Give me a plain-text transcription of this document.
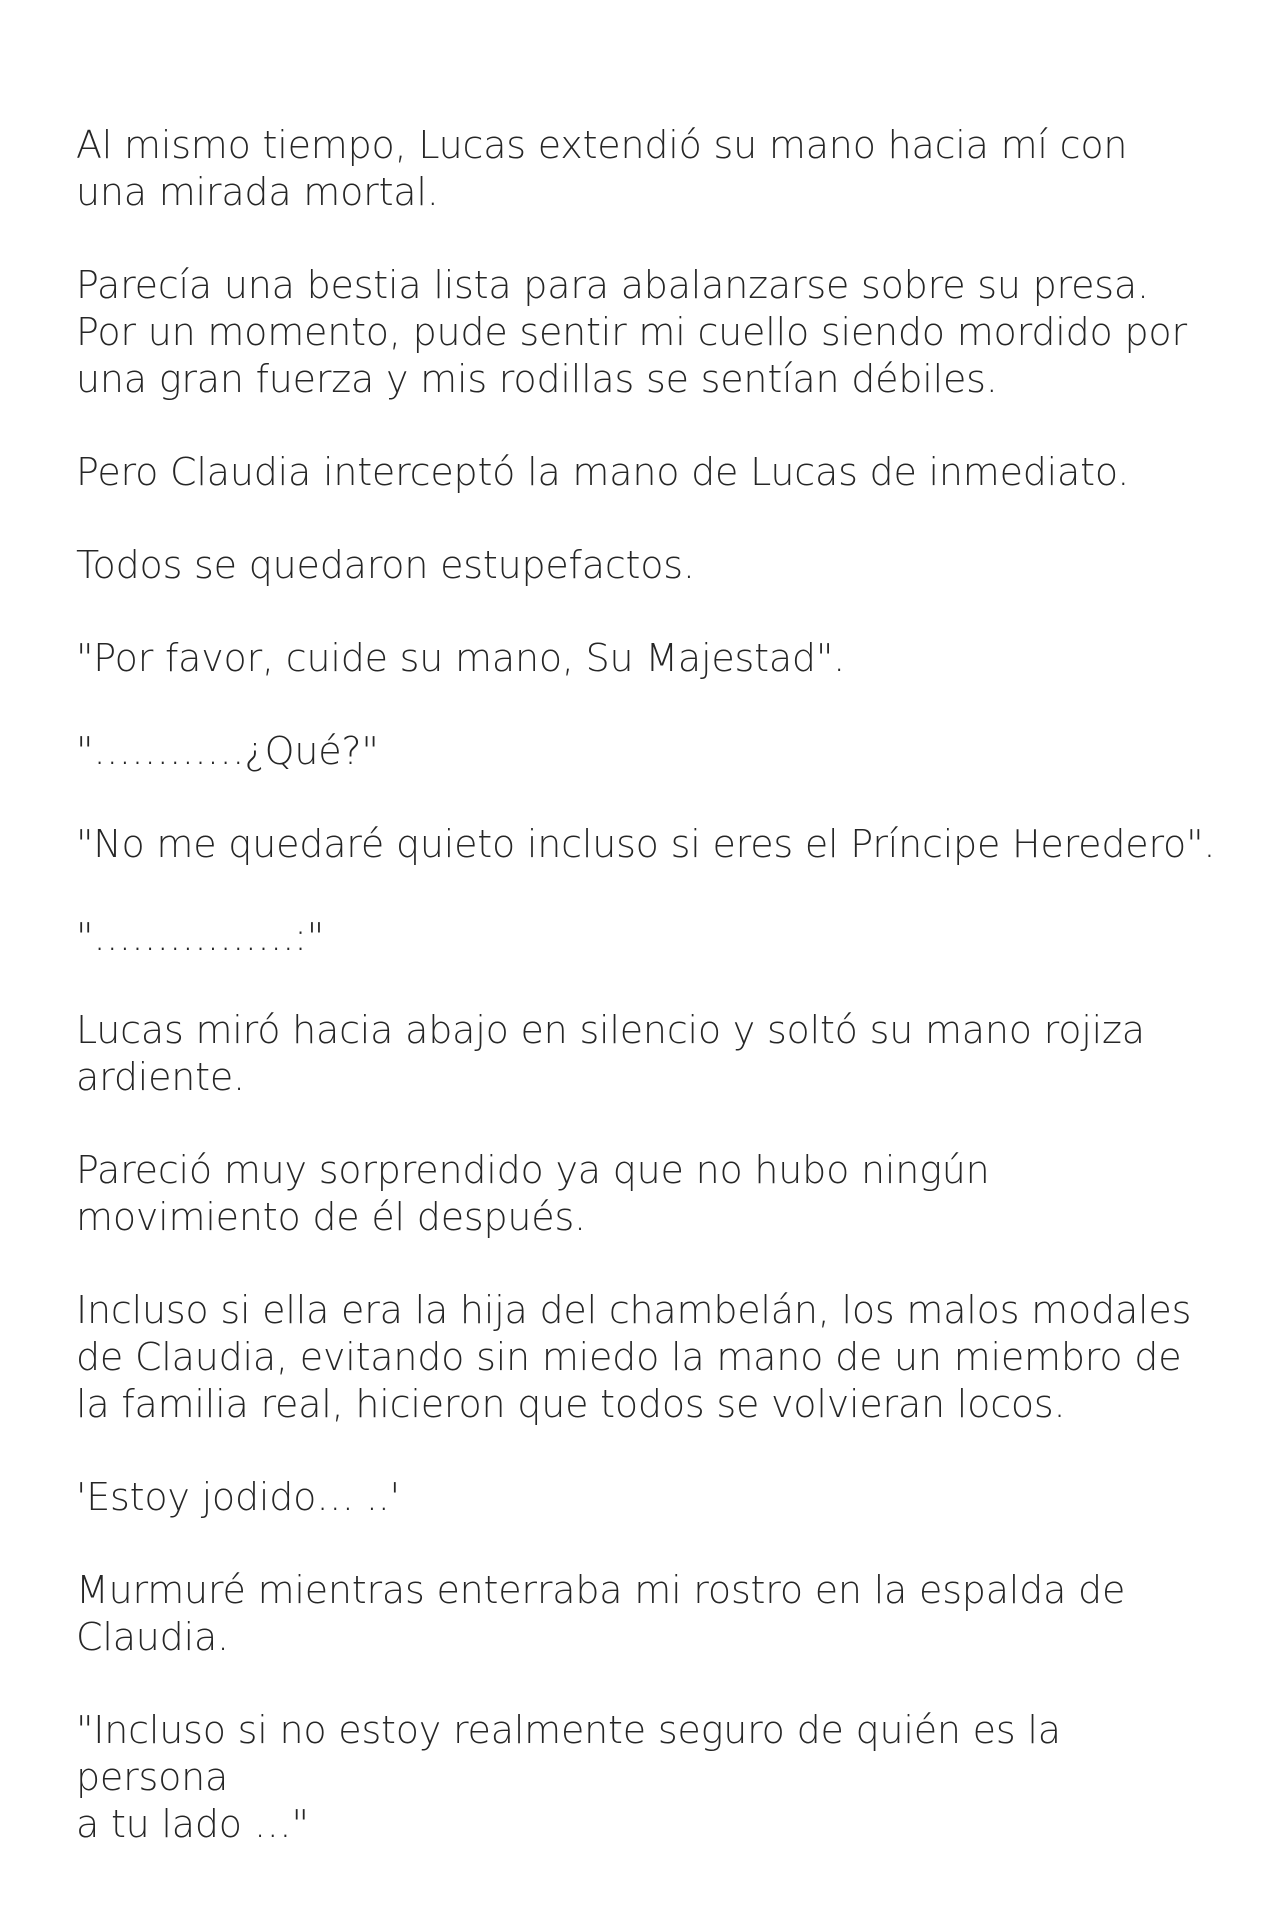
Al mismo tiempo, Lucas extendió su mano hacia mí con
una mirada mortal.

Parecía una bestia lista para abalanzarse sobre su presa.
Por un momento, pude sentir mi cuello siendo mordido por
una gran fuerza y mis rodillas se sentían débiles.

Pero Claudia interceptó la mano de Lucas de inmediato.

Todos se quedaron estupefactos.

"Por favor, cuide su mano, Su Majestad".

"…………¿Qué?"

"No me quedaré quieto incluso si eres el Príncipe Heredero".

"…………….:"

Lucas miró hacia abajo en silencio y soltó su mano rojiza
ardiente.

Pareció muy sorprendido ya que no hubo ningún
movimiento de él después.

Incluso si ella era la hija del chambelán, los malos modales
de Claudia, evitando sin miedo la mano de un miembro de
la familia real, hicieron que todos se volvieran locos.

'Estoy jodido… ..'

Murmuré mientras enterraba mi rostro en la espalda de
Claudia.

"Incluso si no estoy realmente seguro de quién es la persona
a tu lado …"
